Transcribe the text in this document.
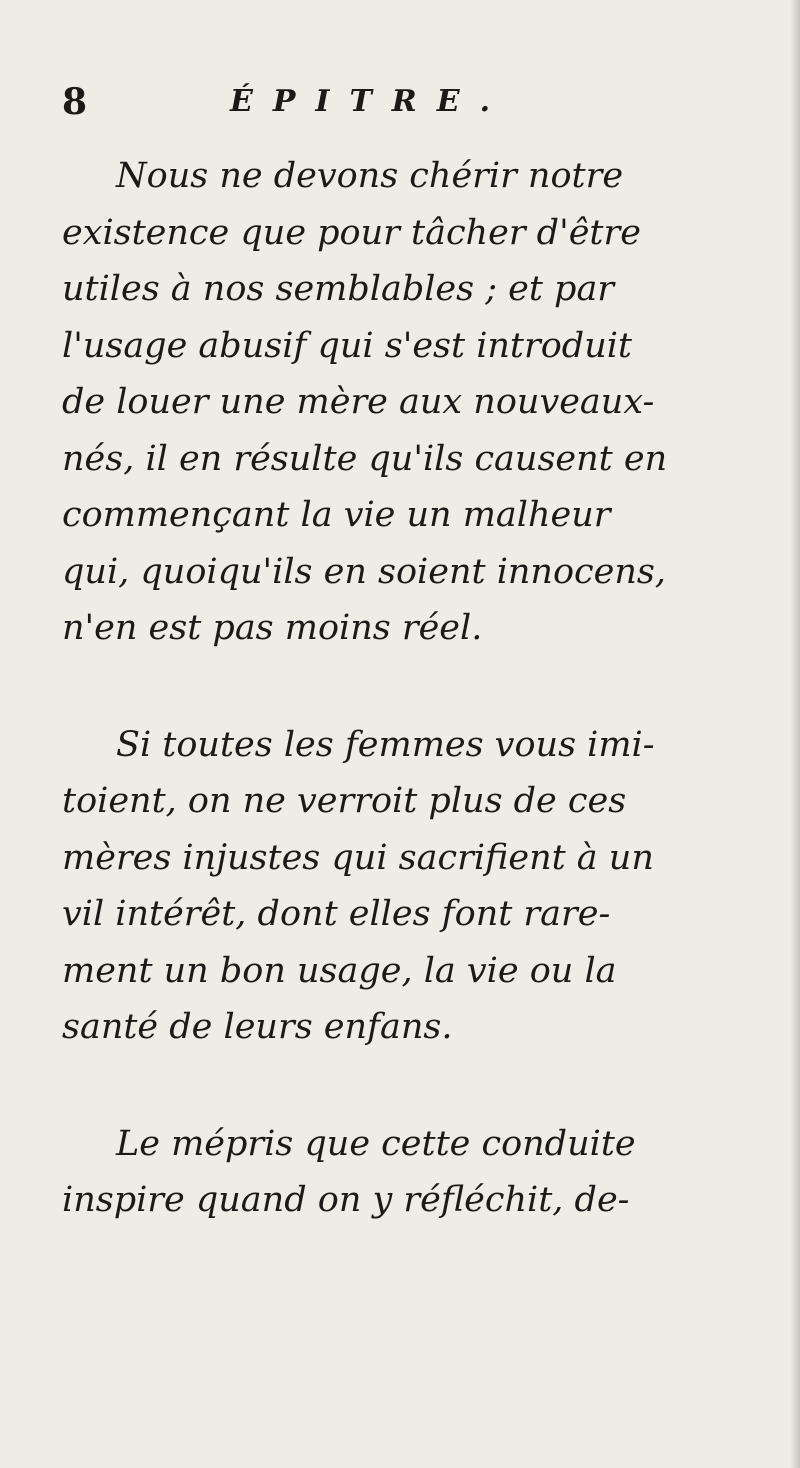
8	ÉPITRE.

Nous ne devons chérir notre
existence que pour tâcher d'être
utiles à nos semblables ; et par
l'usage abusif qui s'est introduit
de louer une mère aux nouveaux-
nés, il en résulte qu'ils causent en
commençant la vie un malheur
qui, quoiqu'ils en soient innocens,
n'en est pas moins réel.

Si toutes les femmes vous imi-
toient, on ne verroit plus de ces
mères injustes qui sacrifient à un
vil intérêt, dont elles font rare-
ment un bon usage, la vie ou la
santé de leurs enfans.

Le mépris que cette conduite
inspire quand on y réfléchit, de-
